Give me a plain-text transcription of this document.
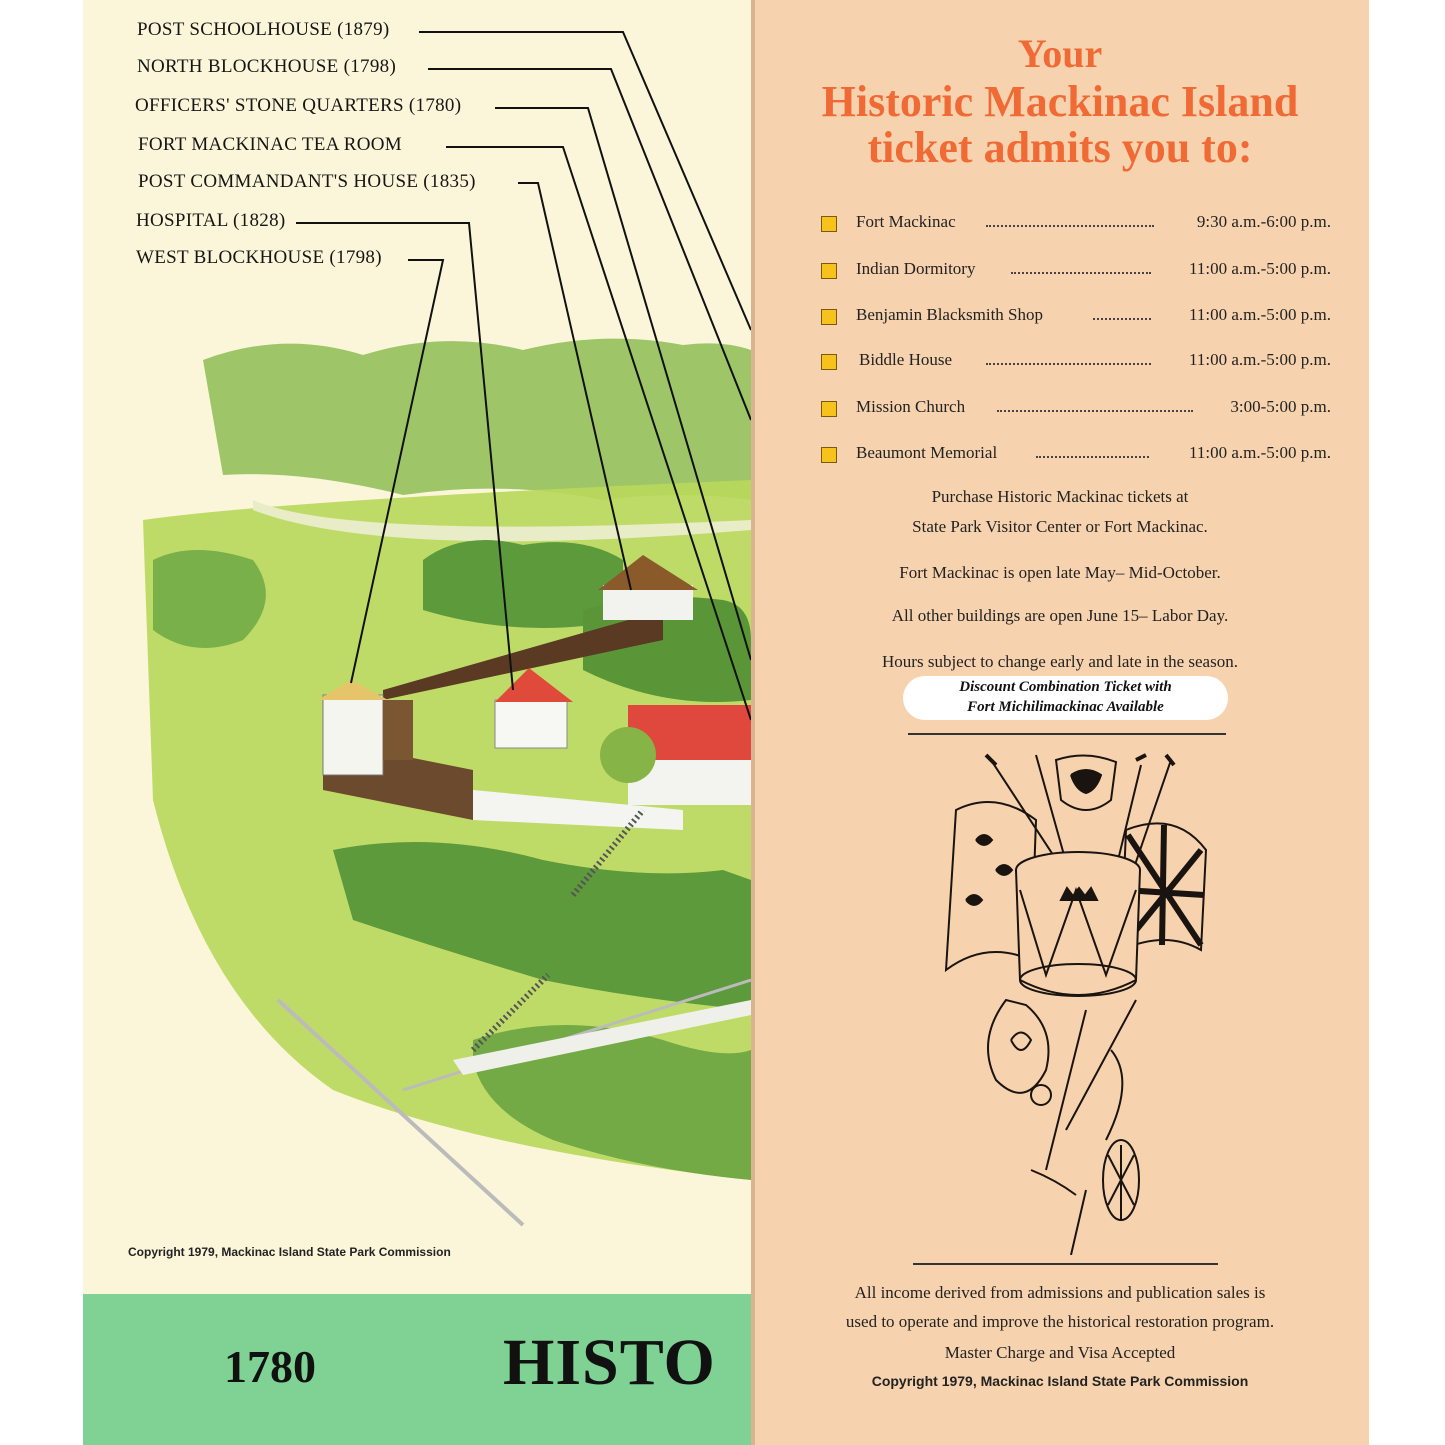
POST SCHOOLHOUSE (1879)
NORTH BLOCKHOUSE (1798)
OFFICERS' STONE QUARTERS (1780)
FORT MACKINAC TEA ROOM
POST COMMANDANT'S HOUSE (1835)
HOSPITAL (1828)
WEST BLOCKHOUSE (1798)
Copyright 1979, Mackinac Island State Park Commission
1780	HISTO
Your
Historic Mackinac Island
ticket admits you to:
Fort Mackinac	9:30 a.m.-6:00 p.m.
Indian Dormitory	11:00 a.m.-5:00 p.m.
Benjamin Blacksmith Shop	11:00 a.m.-5:00 p.m.
Biddle House	11:00 a.m.-5:00 p.m.
Mission Church	3:00-5:00 p.m.
Beaumont Memorial	11:00 a.m.-5:00 p.m.
Purchase Historic Mackinac tickets at
State Park Visitor Center or Fort Mackinac.
Fort Mackinac is open late May– Mid-October.
All other buildings are open June 15– Labor Day.
Hours subject to change early and late in the season.
Discount Combination Ticket with
Fort Michilimackinac Available
All income derived from admissions and publication sales is
used to operate and improve the historical restoration program.
Master Charge and Visa Accepted
Copyright 1979, Mackinac Island State Park Commission
